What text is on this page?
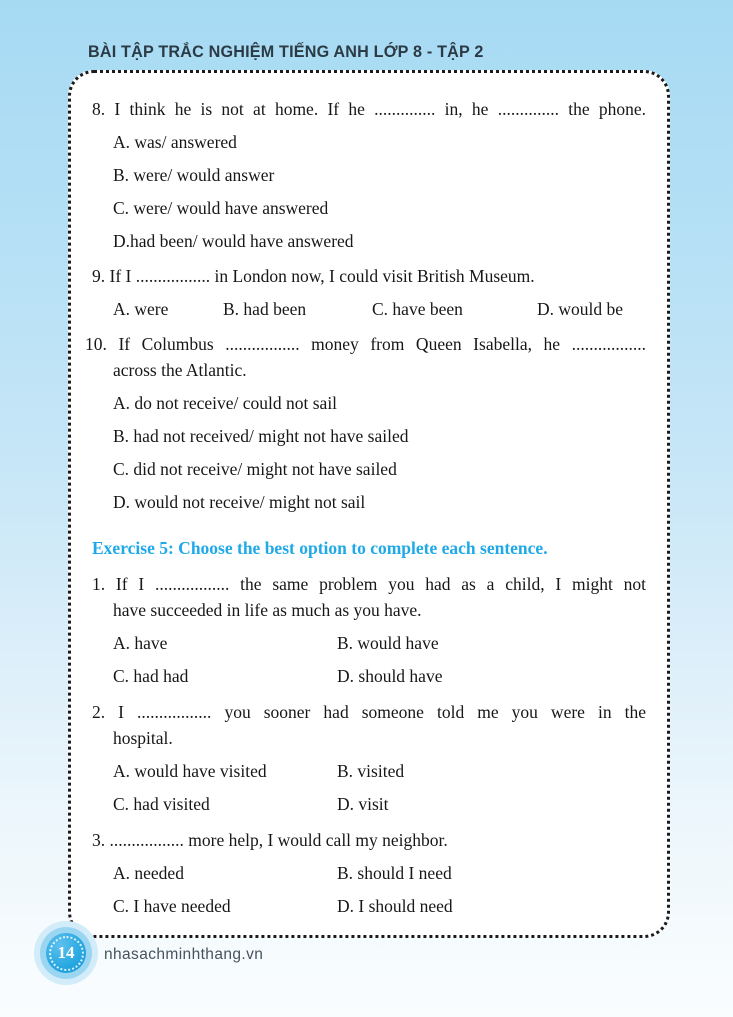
BÀI TẬP TRẮC NGHIỆM TIẾNG ANH LỚP 8 - TẬP 2
8. I think he is not at home. If he .............. in, he .............. the phone.
A. was/ answered
B. were/ would answer
C. were/ would have answered
D.had been/ would have answered
9. If I ................. in London now, I could visit British Museum.
A. were	B. had been	C. have been	D. would be
10. If Columbus ................. money from Queen Isabella, he .................
across the Atlantic.
A. do not receive/ could not sail
B. had not received/ might not have sailed
C. did not receive/ might not have sailed
D. would not receive/ might not sail
Exercise 5: Choose the best option to complete each sentence.
1. If I ................. the same problem you had as a child, I might not
have succeeded in life as much as you have.
A. have	B. would have
C. had had	D. should have
2. I ................. you sooner had someone told me you were in the
hospital.
A. would have visited	B. visited
C. had visited	D. visit
3. ................. more help, I would call my neighbor.
A. needed	B. should I need
C. I have needed	D. I should need
14 nhasachminhthang.vn
